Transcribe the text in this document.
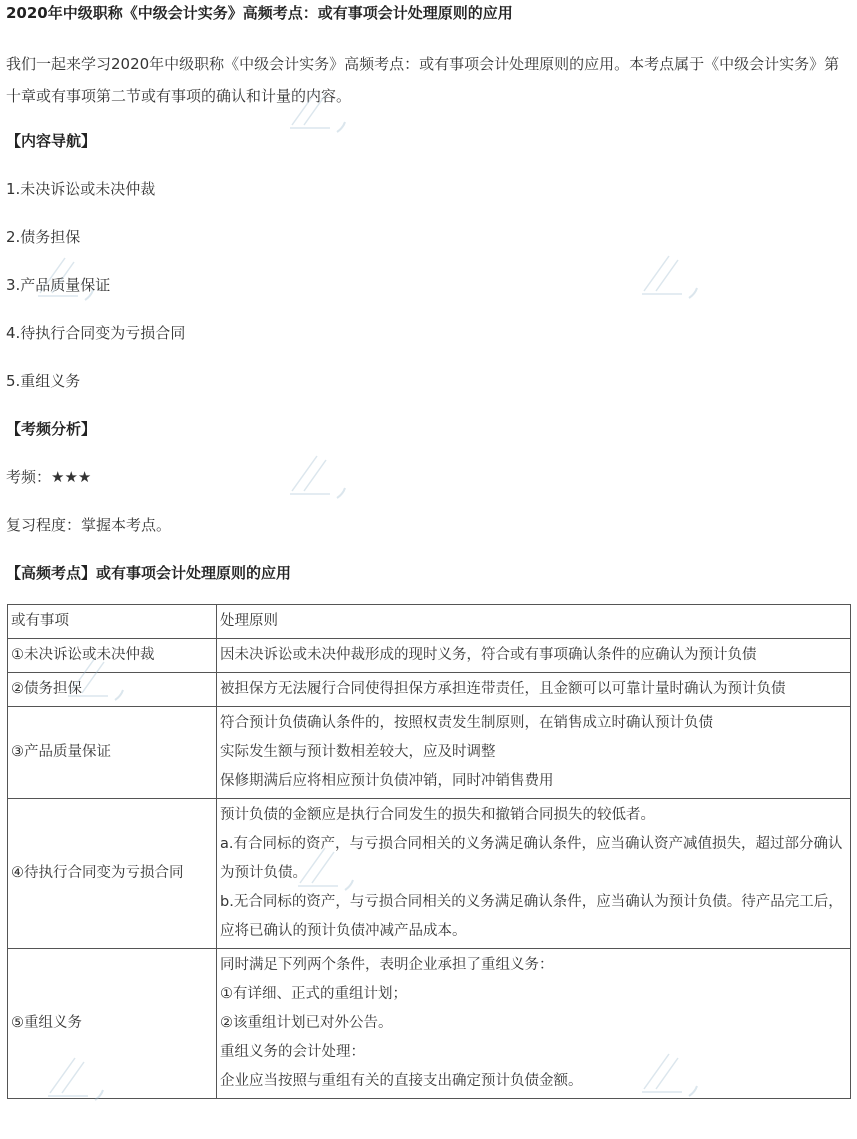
2020年中级职称《中级会计实务》高频考点：或有事项会计处理原则的应用
我们一起来学习2020年中级职称《中级会计实务》高频考点：或有事项会计处理原则的应用。本考点属于《中级会计实务》第十章或有事项第二节或有事项的确认和计量的内容。
【内容导航】
1.未决诉讼或未决仲裁
2.债务担保
3.产品质量保证
4.待执行合同变为亏损合同
5.重组义务
【考频分析】
考频：★★★
复习程度：掌握本考点。
【高频考点】或有事项会计处理原则的应用
或有事项	处理原则
①未决诉讼或未决仲裁	因未决诉讼或未决仲裁形成的现时义务，符合或有事项确认条件的应确认为预计负债

②债务担保	被担保方无法履行合同使得担保方承担连带责任，且金额可以可靠计量时确认为预计负债

③产品质量保证	符合预计负债确认条件的，按照权责发生制原则，在销售成立时确认预计负债
实际发生额与预计数相差较大，应及时调整
保修期满后应将相应预计负债冲销，同时冲销售费用

④待执行合同变为亏损合同	预计负债的金额应是执行合同发生的损失和撤销合同损失的较低者。
a.有合同标的资产，与亏损合同相关的义务满足确认条件，应当确认资产减值损失，超过部分确认为预计负债。
b.无合同标的资产，与亏损合同相关的义务满足确认条件，应当确认为预计负债。待产品完工后，应将已确认的预计负债冲减产品成本。

⑤重组义务	同时满足下列两个条件，表明企业承担了重组义务：
①有详细、正式的重组计划；
②该重组计划已对外公告。
重组义务的会计处理：
企业应当按照与重组有关的直接支出确定预计负债金额。
